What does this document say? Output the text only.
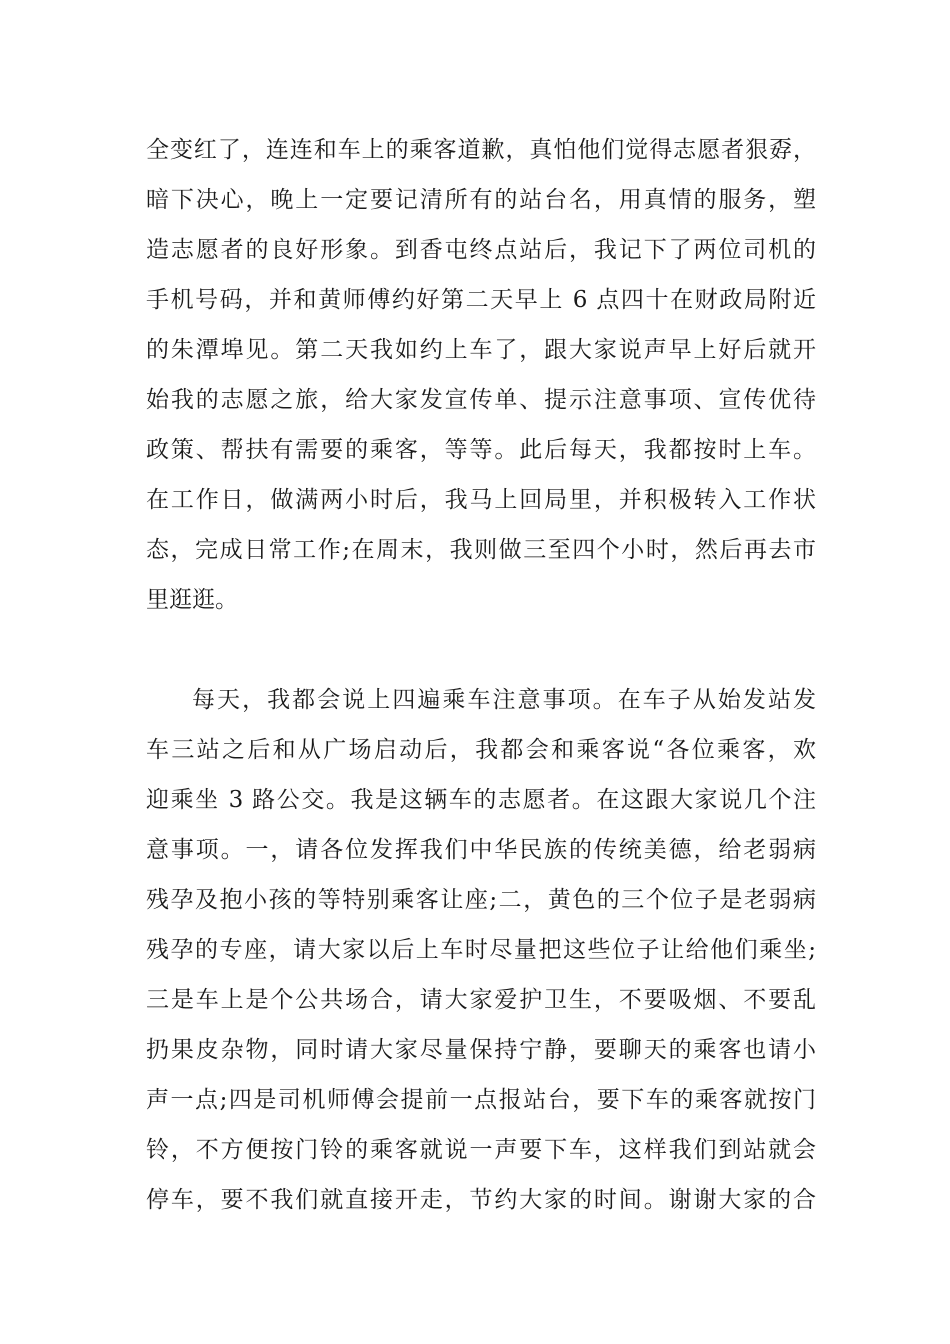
全变红了，连连和车上的乘客道歉，真怕他们觉得志愿者狠孬，
暗下决心，晚上一定要记清所有的站台名，用真情的服务，塑
造志愿者的良好形象。到香屯终点站后，我记下了两位司机的
手机号码，并和黄师傅约好第二天早上 6 点四十在财政局附近
的朱潭埠见。第二天我如约上车了，跟大家说声早上好后就开
始我的志愿之旅，给大家发宣传单、提示注意事项、宣传优待
政策、帮扶有需要的乘客，等等。此后每天，我都按时上车。
在工作日，做满两小时后，我马上回局里，并积极转入工作状
态，完成日常工作;在周末，我则做三至四个小时，然后再去市
里逛逛。
每天，我都会说上四遍乘车注意事项。在车子从始发站发
车三站之后和从广场启动后，我都会和乘客说“各位乘客，欢
迎乘坐 3 路公交。我是这辆车的志愿者。在这跟大家说几个注
意事项。一，请各位发挥我们中华民族的传统美德，给老弱病
残孕及抱小孩的等特别乘客让座;二，黄色的三个位子是老弱病
残孕的专座，请大家以后上车时尽量把这些位子让给他们乘坐;
三是车上是个公共场合，请大家爱护卫生，不要吸烟、不要乱
扔果皮杂物，同时请大家尽量保持宁静，要聊天的乘客也请小
声一点;四是司机师傅会提前一点报站台，要下车的乘客就按门
铃，不方便按门铃的乘客就说一声要下车，这样我们到站就会
停车，要不我们就直接开走，节约大家的时间。谢谢大家的合
